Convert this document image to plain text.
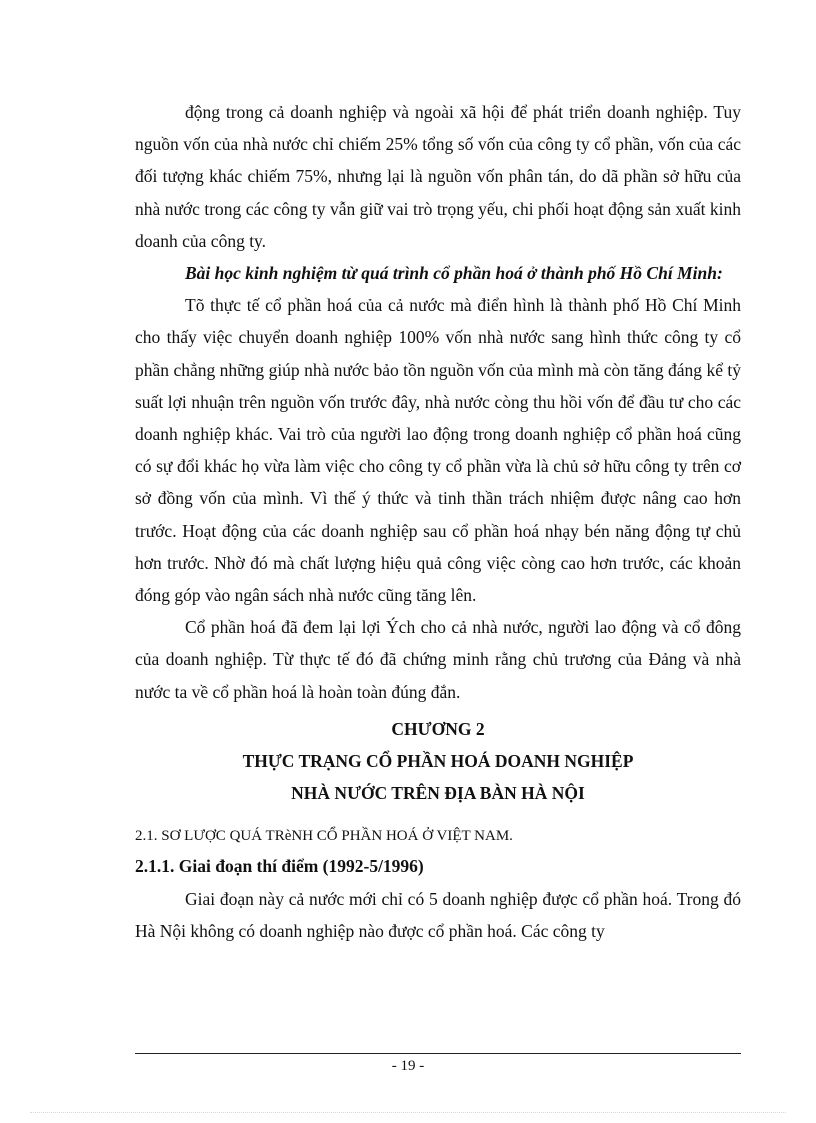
động trong cả doanh nghiệp và ngoài xã hội để phát triển doanh nghiệp. Tuy nguồn vốn của nhà nước chỉ chiếm 25% tổng số vốn của công ty cổ phần, vốn của các đối tượng khác chiếm 75%, nhưng lại là nguồn vốn phân tán, do dã phần sở hữu của nhà nước trong các công ty vẫn giữ vai trò trọng yếu, chi phối hoạt động sản xuất kinh doanh của công ty.

Bài học kinh nghiệm từ quá trình cổ phần hoá ở thành phố Hồ Chí Minh:

Tõ thực tế cổ phần hoá của cả nước mà điển hình là thành phố Hồ Chí Minh cho thấy việc chuyển doanh nghiệp 100% vốn nhà nước sang hình thức công ty cổ phần chẳng những giúp nhà nước bảo tồn nguồn vốn của mình mà còn tăng đáng kể tỷ suất lợi nhuận trên nguồn vốn trước đây, nhà nước còng thu hồi vốn để đầu tư cho các doanh nghiệp khác. Vai trò của người lao động trong doanh nghiệp cổ phần hoá cũng có sự đổi khác họ vừa làm việc cho công ty cổ phần vừa là chủ sở hữu công ty trên cơ sở đồng vốn của mình. Vì thế ý thức và tinh thần trách nhiệm được nâng cao hơn trước. Hoạt động của các doanh nghiệp sau cổ phần hoá nhạy bén năng động tự chủ hơn trước. Nhờ đó mà chất lượng hiệu quả công việc còng cao hơn trước, các khoản đóng góp vào ngân sách nhà nước cũng tăng lên.

Cổ phần hoá đã đem lại lợi Ých cho cả nhà nước, người lao động và cổ đông của doanh nghiệp. Từ thực tế đó đã chứng minh rằng chủ trương của Đảng và nhà nước ta về cổ phần hoá là hoàn toàn đúng đắn.

CHƯƠNG 2

THỰC TRẠNG CỔ PHẦN HOÁ DOANH NGHIỆP

NHÀ NƯỚC TRÊN ĐỊA BÀN HÀ NỘI

2.1. SƠ LƯỢC QUÁ TRèNH CỔ PHẦN HOÁ Ở VIỆT NAM.

2.1.1. Giai đoạn thí điểm (1992-5/1996)

Giai đoạn này cả nước mới chỉ có 5 doanh nghiệp được cổ phần hoá. Trong đó Hà Nội không có doanh nghiệp nào được cổ phần hoá. Các công ty

- 19 -
